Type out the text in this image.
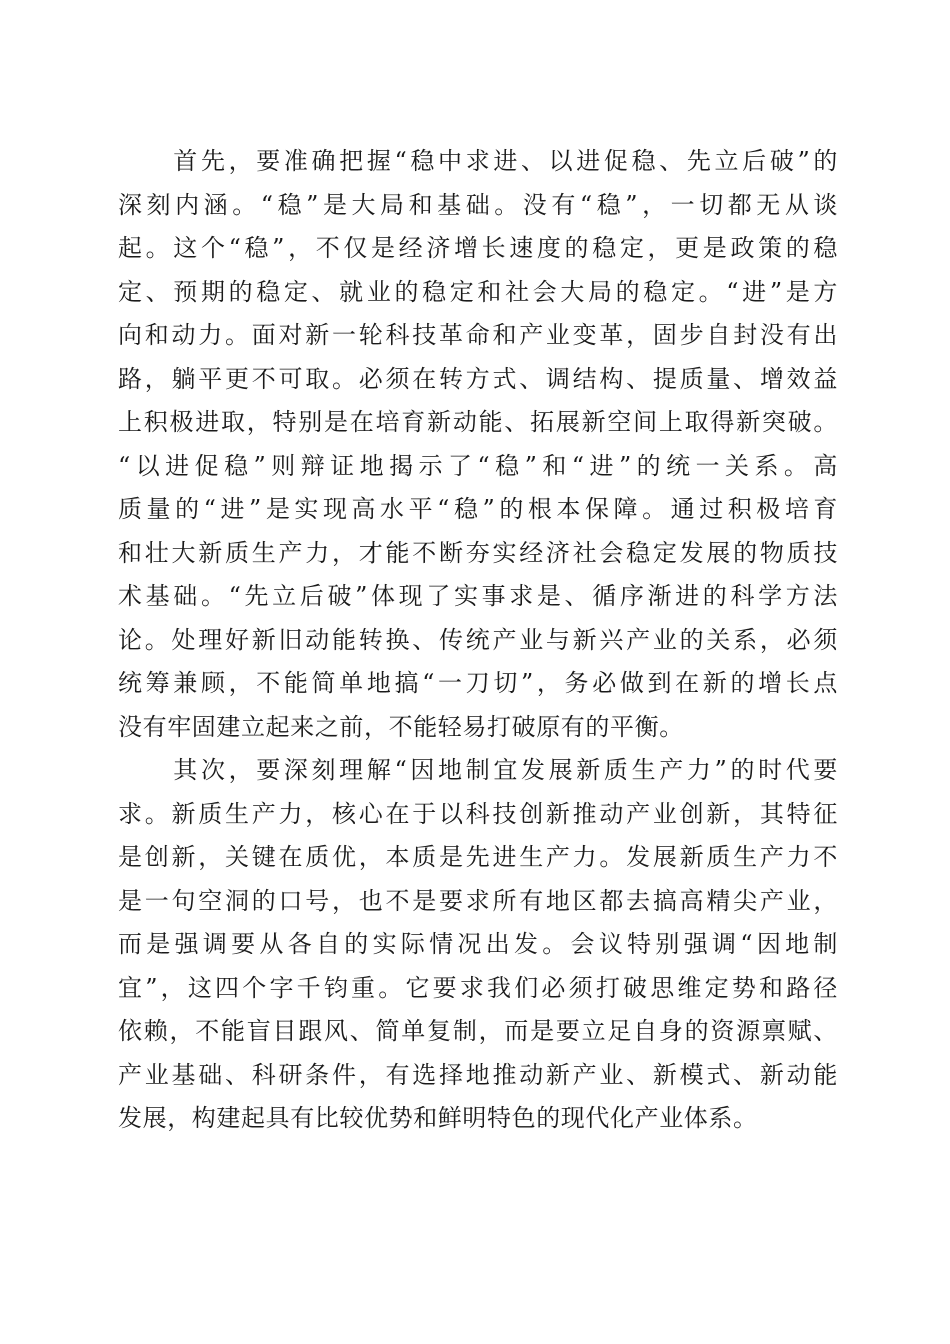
　　首先，要准确把握“稳中求进、以进促稳、先立后破”的
深刻内涵。“稳”是大局和基础。没有“稳”，一切都无从谈
起。这个“稳”，不仅是经济增长速度的稳定，更是政策的稳
定、预期的稳定、就业的稳定和社会大局的稳定。“进”是方
向和动力。面对新一轮科技革命和产业变革，固步自封没有出
路，躺平更不可取。必须在转方式、调结构、提质量、增效益
上积极进取，特别是在培育新动能、拓展新空间上取得新突破。
“以进促稳”则辩证地揭示了“稳”和“进”的统一关系。高
质量的“进”是实现高水平“稳”的根本保障。通过积极培育
和壮大新质生产力，才能不断夯实经济社会稳定发展的物质技
术基础。“先立后破”体现了实事求是、循序渐进的科学方法
论。处理好新旧动能转换、传统产业与新兴产业的关系，必须
统筹兼顾，不能简单地搞“一刀切”，务必做到在新的增长点
没有牢固建立起来之前，不能轻易打破原有的平衡。
　　其次，要深刻理解“因地制宜发展新质生产力”的时代要
求。新质生产力，核心在于以科技创新推动产业创新，其特征
是创新，关键在质优，本质是先进生产力。发展新质生产力不
是一句空洞的口号，也不是要求所有地区都去搞高精尖产业，
而是强调要从各自的实际情况出发。会议特别强调“因地制
宜”，这四个字千钧重。它要求我们必须打破思维定势和路径
依赖，不能盲目跟风、简单复制，而是要立足自身的资源禀赋、
产业基础、科研条件，有选择地推动新产业、新模式、新动能
发展，构建起具有比较优势和鲜明特色的现代化产业体系。
